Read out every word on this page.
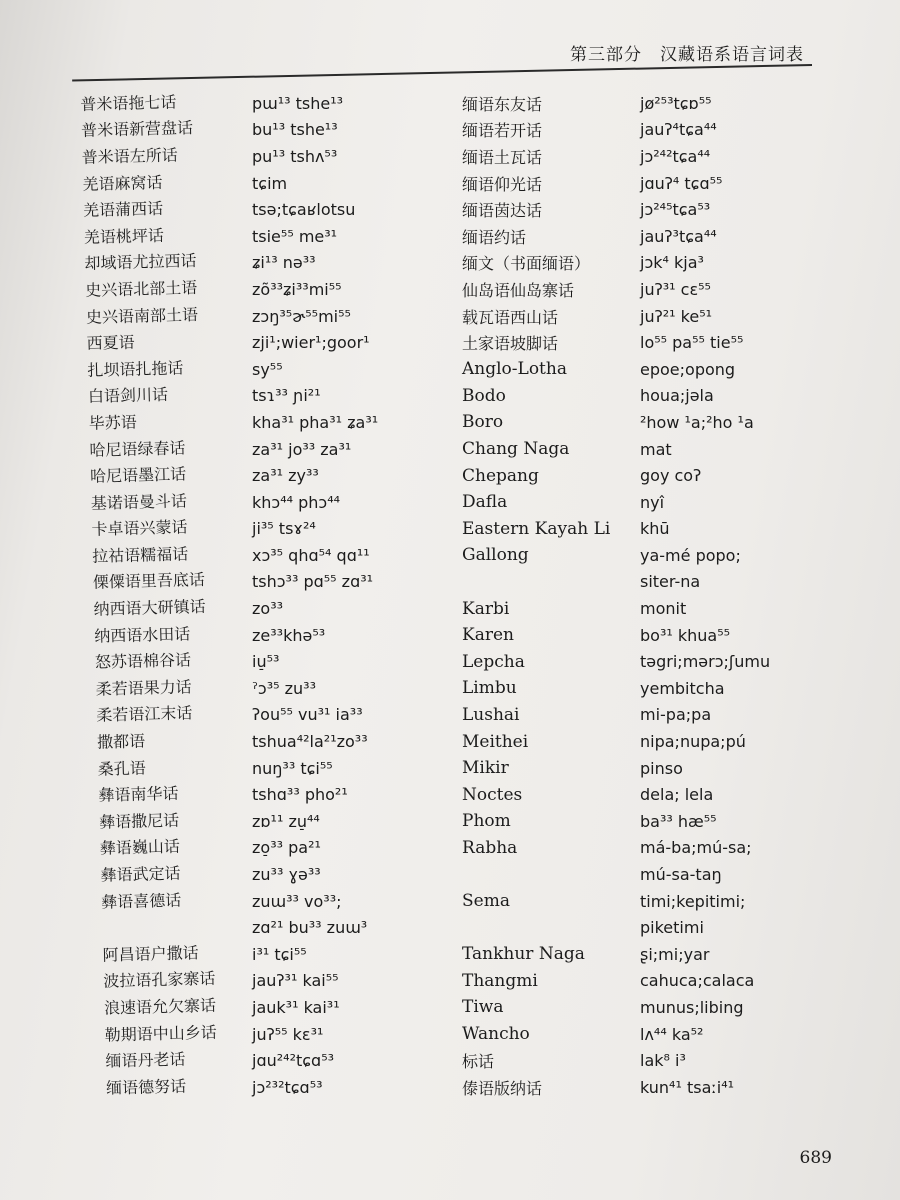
第三部分　汉藏语系语言词表
普米语拖七话
普米语新营盘话
普米语左所话
羌语麻窝话
羌语蒲西话
羌语桃坪话
却域语尤拉西话
史兴语北部土语
史兴语南部土语
西夏语
扎坝语扎拖话
白语剑川话
毕苏语
哈尼语绿春话
哈尼语墨江话
基诺语曼斗话
卡卓语兴蒙话
拉祜语糯福话
傈僳语里吾底话
纳西语大研镇话
纳西语水田话
怒苏语棉谷话
柔若语果力话
柔若语江末话
撒都语
桑孔语
彝语南华话
彝语撒尼话
彝语巍山话
彝语武定话
彝语喜德话
阿昌语户撒话
波拉语孔家寨话
浪速语允欠寨话
勒期语中山乡话
缅语丹老话
缅语德努话
pɯ¹³ tshe¹³
bu¹³ tshe¹³
pu¹³ tshʌ⁵³
tɕim
tsə;tɕaʁlotsu
tsie⁵⁵ me³¹
ʑi¹³ nə³³
zõ³³ʑi³³mi⁵⁵
zɔŋ³⁵ɚ⁵⁵mi⁵⁵
zji¹;wier¹;goor¹
sy⁵⁵
tsɿ³³ ɲi²¹
kha³¹ pha³¹ ʑa³¹
za³¹ jo³³ za³¹
za³¹ zy³³
khɔ⁴⁴ phɔ⁴⁴
ji³⁵ tsɤ²⁴
xɔ³⁵ qhɑ⁵⁴ qɑ¹¹
tshɔ³³ pɑ⁵⁵ zɑ³¹
zo³³
ze³³khə⁵³
iu̠⁵³
ˀɔ³⁵ zu³³
ʔou⁵⁵ vu³¹ ia³³
tshua⁴²la²¹zo³³
nuŋ³³ tɕi⁵⁵
tshɑ³³ pho²¹
zɒ¹¹ zu̠⁴⁴
zo̠³³ pa²¹
zu³³ ɣə³³
zuɯ³³ vo³³;
zɑ²¹ bu³³ zuɯ³
i³¹ tɕi⁵⁵
jauʔ³¹ kai⁵⁵
jauk³¹ kai³¹
juʔ⁵⁵ kɛ³¹
jɑu²⁴²tɕɑ⁵³
jɔ²³²tɕɑ⁵³
缅语东友话
缅语若开话
缅语土瓦话
缅语仰光话
缅语茵达话
缅语约话
缅文（书面缅语）
仙岛语仙岛寨话
载瓦语西山话
土家语坡脚话
Anglo-Lotha
Bodo
Boro
Chang Naga
Chepang
Dafla
Eastern Kayah Li
Gallong
Karbi
Karen
Lepcha
Limbu
Lushai
Meithei
Mikir
Noctes
Phom
Rabha
Sema
Tankhur Naga
Thangmi
Tiwa
Wancho
标话
傣语版纳话
jø²⁵³tɕɒ⁵⁵
jauʔ⁴tɕa⁴⁴
jɔ²⁴²tɕa⁴⁴
jɑuʔ⁴ tɕɑ⁵⁵
jɔ²⁴⁵tɕa⁵³
jauʔ³tɕa⁴⁴
jɔk⁴ kja³
juʔ³¹ cɛ⁵⁵
juʔ²¹ ke⁵¹
lo⁵⁵ pa⁵⁵ tie⁵⁵
epoe;opong
houa;jəla
²how ¹a;²ho ¹a
mat
goy coʔ
nyî
khū
ya-mé popo;
siter-na
monit
bo³¹ khua⁵⁵
təgri;mərɔ;ʃumu
yembitcha
mi-pa;pa
nipa;nupa;pú
pinso
dela; lela
ba³³ hæ⁵⁵
má-ba;mú-sa;
mú-sa-taŋ
timi;kepitimi;
piketimi
ʂi;mi;yar
cahuca;calaca
munus;libing
lʌ⁴⁴ ka⁵²
lak⁸ i³
kun⁴¹ tsaːi⁴¹
689
